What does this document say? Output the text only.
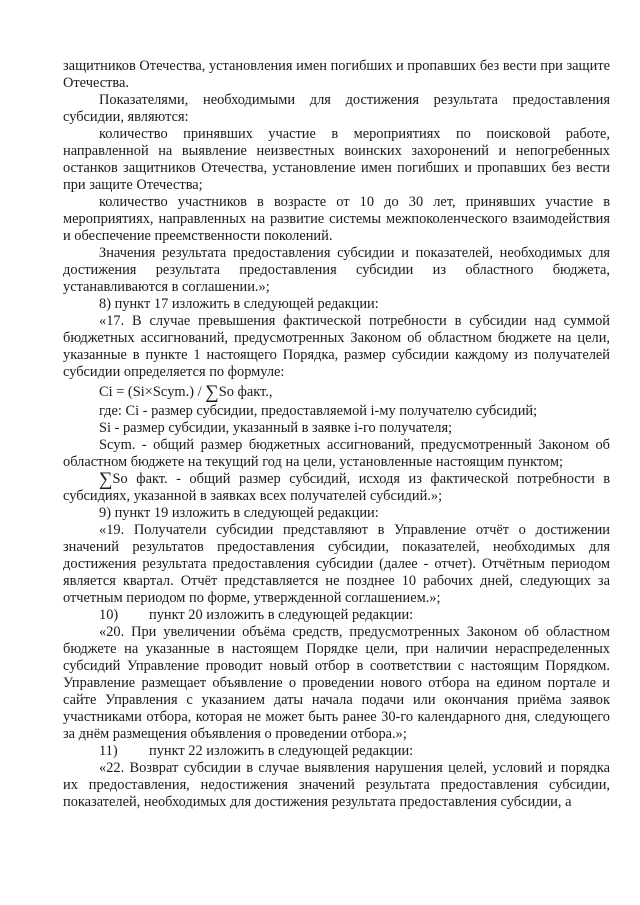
защитников Отечества, установления имен погибших и пропавших без вести при защите Отечества.

Показателями, необходимыми для достижения результата предоставления субсидии, являются:

количество принявших участие в мероприятиях по поисковой работе, направленной на выявление неизвестных воинских захоронений и непогребенных останков защитников Отечества, установление имен погибших и пропавших без вести при защите Отечества;

количество участников в возрасте от 10 до 30 лет, принявших участие в мероприятиях, направленных на развитие системы межпоколенческого взаимодействия и обеспечение преемственности поколений.

Значения результата предоставления субсидии и показателей, необходимых для достижения результата предоставления субсидии из областного бюджета, устанавливаются в соглашении.»;

8) пункт 17 изложить в следующей редакции:

«17. В случае превышения фактической потребности в субсидии над суммой бюджетных ассигнований, предусмотренных Законом об областном бюджете на цели, указанные в пункте 1 настоящего Порядка, размер субсидии каждому из получателей субсидии определяется по формуле:

Ci = (Si×Scym.) / ∑So факт.,

где: Ci - размер субсидии, предоставляемой i-му получателю субсидий;

Si - размер субсидии, указанный в заявке i-го получателя;

Scym. - общий размер бюджетных ассигнований, предусмотренный Законом об областном бюджете на текущий год на цели, установленные настоящим пунктом;

∑So факт. - общий размер субсидий, исходя из фактической потребности в субсидиях, указанной в заявках всех получателей субсидий.»;

9) пункт 19 изложить в следующей редакции:

«19. Получатели субсидии представляют в Управление отчёт о достижении значений результатов предоставления субсидии, показателей, необходимых для достижения результата предоставления субсидии (далее - отчет). Отчётным периодом является квартал. Отчёт представляется не позднее 10 рабочих дней, следующих за отчетным периодом по форме, утвержденной соглашением.»;

10) пункт 20 изложить в следующей редакции:

«20. При увеличении объёма средств, предусмотренных Законом об областном бюджете на указанные в настоящем Порядке цели, при наличии нераспределенных субсидий Управление проводит новый отбор в соответствии с настоящим Порядком. Управление размещает объявление о проведении нового отбора на едином портале и сайте Управления с указанием даты начала подачи или окончания приёма заявок участниками отбора, которая не может быть ранее 30-го календарного дня, следующего за днём размещения объявления о проведении отбора.»;

11) пункт 22 изложить в следующей редакции:

«22. Возврат субсидии в случае выявления нарушения целей, условий и порядка их предоставления, недостижения значений результата предоставления субсидии, показателей, необходимых для достижения результата предоставления субсидии, а
